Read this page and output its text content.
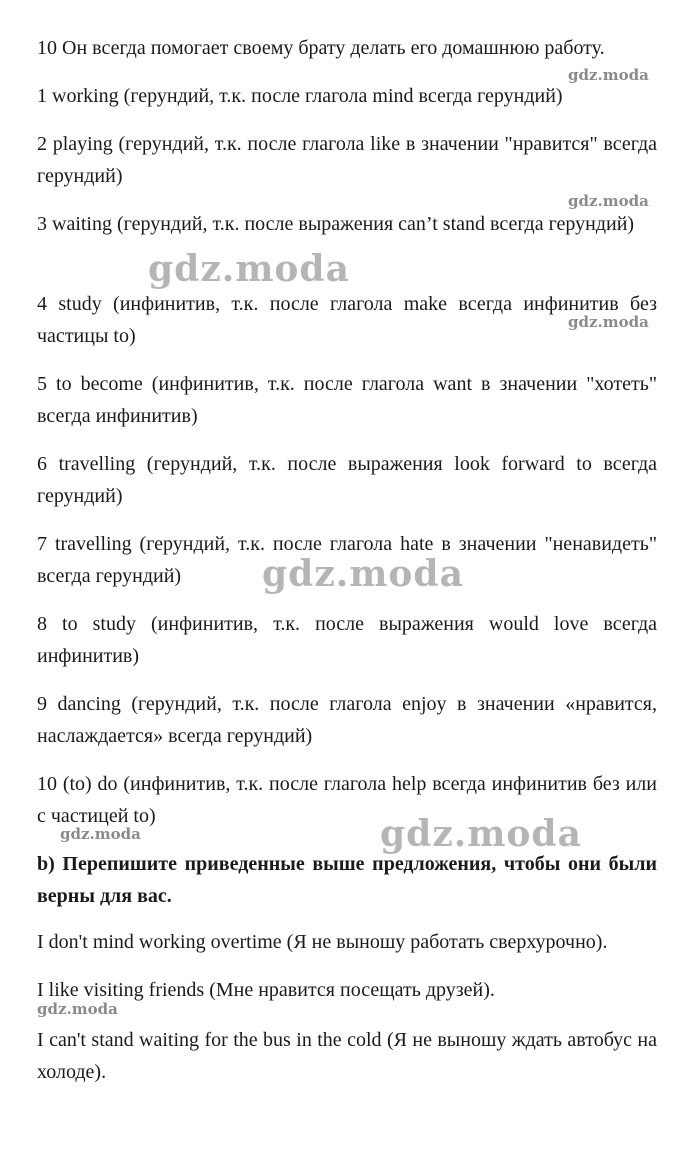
10 Он всегда помогает своему брату делать его домашнюю работу.

1 working (герундий, т.к. после глагола mind всегда герундий)

2 playing (герундий, т.к. после глагола like в значении "нравится" всегда герундий)

3 waiting (герундий, т.к. после выражения can’t stand всегда герундий)

4 study (инфинитив, т.к. после глагола make всегда инфинитив без частицы to)

5 to become (инфинитив, т.к. после глагола want в значении "хотеть" всегда инфинитив)

6 travelling (герундий, т.к. после выражения look forward to всегда герундий)

7 travelling (герундий, т.к. после глагола hate в значении "ненавидеть" всегда герундий)

8 to study (инфинитив, т.к. после выражения would love всегда инфинитив)

9 dancing (герундий, т.к. после глагола enjoy в значении «нравится, наслаждается» всегда герундий)

10 (to) do (инфинитив, т.к. после глагола help всегда инфинитив без или с частицей to)

b) Перепишите приведенные выше предложения, чтобы они были верны для вас.

I don't mind working overtime (Я не выношу работать сверхурочно).

I like visiting friends (Мне нравится посещать друзей).

I can't stand waiting for the bus in the cold (Я не выношу ждать автобус на холоде).

gdz.moda
gdz.moda
gdz.moda
gdz.moda
gdz.moda
gdz.moda
gdz.moda
gdz.moda
